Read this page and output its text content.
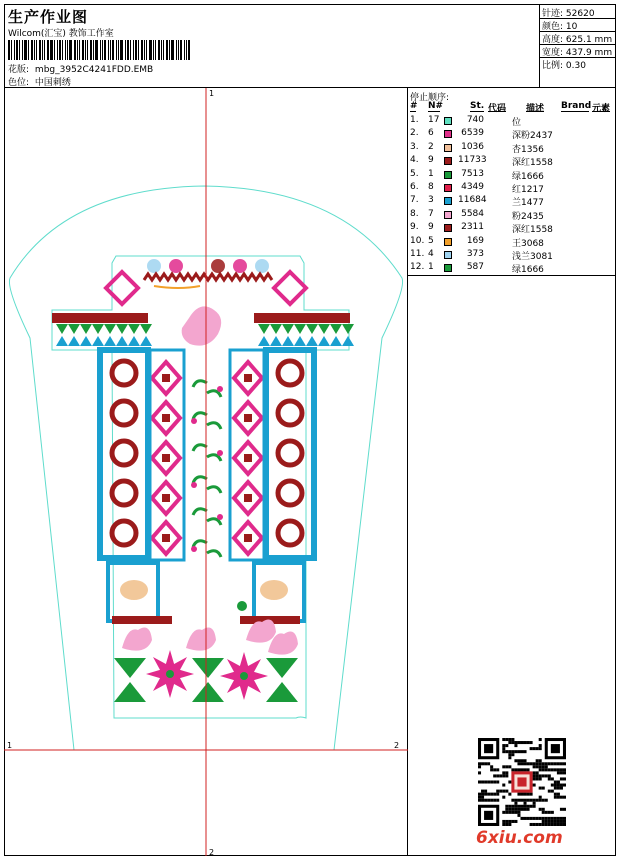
生产作业图
Wilcom(汇宝) 教饰工作室
花版: mbg_3952C4241FDD.EMB
色位: 中国刺绣
针迹: 52620
颜色: 10
高度: 625.1 mm
宽度: 437.9 mm
比例: 0.30
1
1	2
2
停止顺序:
# N#	St. 代码 描述 Brand 元素
1. 17	740	位
2. 6	6539	深粉2437
3. 2	1036	杏1356
4. 9	11733	深红1558
5. 1	7513	绿1666
6. 8	4349	红1217
7. 3	11684	兰1477
8. 7	5584	粉2435
9. 9	2311	深红1558
10. 5	169	王3068
11. 4	373	浅兰3081
12. 1	587	绿1666
6xiu.com
